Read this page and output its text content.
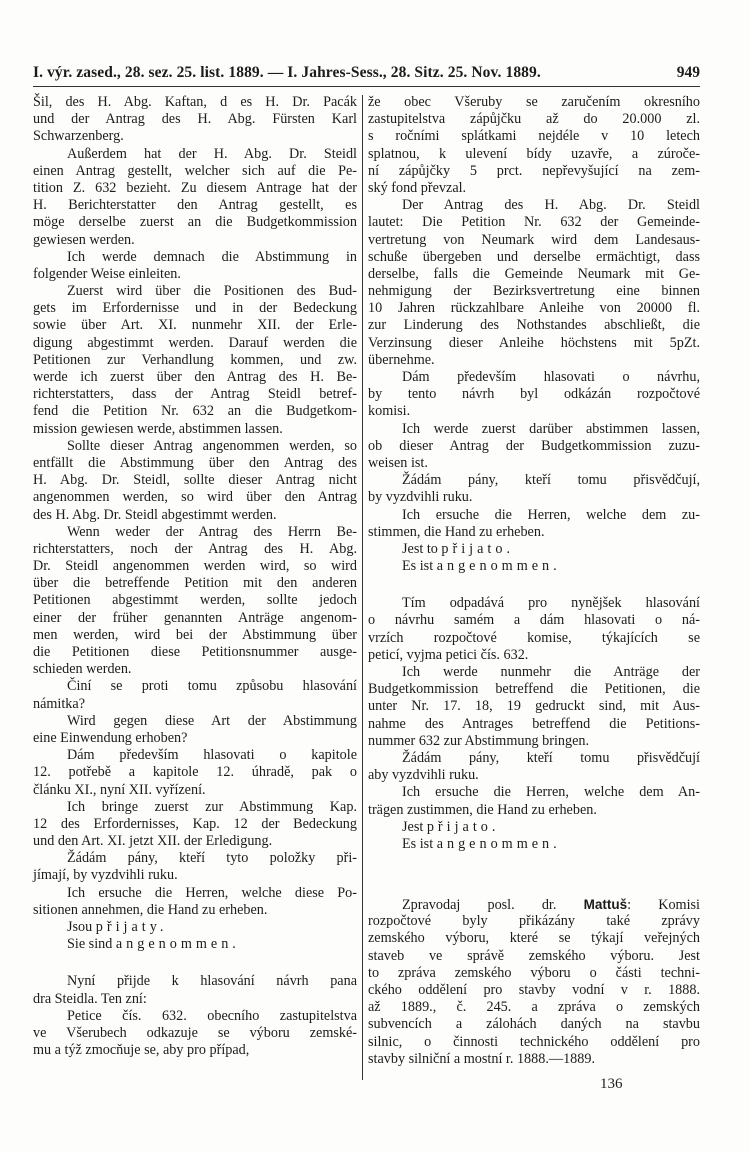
I. výr. zased., 28. sez. 25. list. 1889. — I. Jahres-Sess., 28. Sitz. 25. Nov. 1889.	949
Šil, des H. Abg. Kaftan, d es H. Dr. Pacák
und der Antrag des H. Abg. Fürsten Karl
Schwarzenberg.
Außerdem hat der H. Abg. Dr. Steidl
einen Antrag gestellt, welcher sich auf die Pe-
tition Z. 632 bezieht. Zu diesem Antrage hat der
H. Berichterstatter den Antrag gestellt, es
möge derselbe zuerst an die Budgetkommission
gewiesen werden.
Ich werde demnach die Abstimmung in
folgender Weise einleiten.
Zuerst wird über die Positionen des Bud-
gets im Erfordernisse und in der Bedeckung
sowie über Art. XI. nunmehr XII. der Erle-
digung abgestimmt werden. Darauf werden die
Petitionen zur Verhandlung kommen, und zw.
werde ich zuerst über den Antrag des H. Be-
richterstatters, dass der Antrag Steidl betref-
fend die Petition Nr. 632 an die Budgetkom-
mission gewiesen werde, abstimmen lassen.
Sollte dieser Antrag angenommen werden, so
entfällt die Abstimmung über den Antrag des
H. Abg. Dr. Steidl, sollte dieser Antrag nicht
angenommen werden, so wird über den Antrag
des H. Abg. Dr. Steidl abgestimmt werden.
Wenn weder der Antrag des Herrn Be-
richterstatters, noch der Antrag des H. Abg.
Dr. Steidl angenommen werden wird, so wird
über die betreffende Petition mit den anderen
Petitionen abgestimmt werden, sollte jedoch
einer der früher genannten Anträge angenom-
men werden, wird bei der Abstimmung über
die Petitionen diese Petitionsnummer ausge-
schieden werden.
Činí se proti tomu způsobu hlasování
námitka?
Wird gegen diese Art der Abstimmung
eine Einwendung erhoben?
Dám především hlasovati o kapitole
12. potřebě a kapitole 12. úhradě, pak o
článku XI., nyní XII. vyřízení.
Ich bringe zuerst zur Abstimmung Kap.
12 des Erfordernisses, Kap. 12 der Bedeckung
und den Art. XI. jetzt XII. der Erledigung.
Žádám pány, kteří tyto položky při-
jímají, by vyzdvihli ruku.
Ich ersuche die Herren, welche diese Po-
sitionen annehmen, die Hand zu erheben.
Jsou přijaty.
Sie sind angenommen.
Nyní přijde k hlasování návrh pana
dra Steidla. Ten zní:
Petice čís. 632. obecního zastupitelstva
ve Všerubech odkazuje se výboru zemské-
mu a týž zmocňuje se, aby pro případ,
že obec Všeruby se zaručením okresního
zastupitelstva zápůjčku až do 20.000 zl.
s ročními splátkami nejdéle v 10 letech
splatnou, k ulevení bídy uzavře, a zúroče-
ní zápůjčky 5 prct. nepřevyšující na zem-
ský fond převzal.
Der Antrag des H. Abg. Dr. Steidl
lautet: Die Petition Nr. 632 der Gemeinde-
vertretung von Neumark wird dem Landesaus-
schuße übergeben und derselbe ermächtigt, dass
derselbe, falls die Gemeinde Neumark mit Ge-
nehmigung der Bezirksvertretung eine binnen
10 Jahren rückzahlbare Anleihe von 20000 fl.
zur Linderung des Nothstandes abschließt, die
Verzinsung dieser Anleihe höchstens mit 5pZt.
übernehme.
Dám především hlasovati o návrhu,
by tento návrh byl odkázán rozpočtové
komisi.
Ich werde zuerst darüber abstimmen lassen,
ob dieser Antrag der Budgetkommission zuzu-
weisen ist.
Žádám pány, kteří tomu přisvědčují,
by vyzdvihli ruku.
Ich ersuche die Herren, welche dem zu-
stimmen, die Hand zu erheben.
Jest to přijato.
Es ist angenommen.
Tím odpadává pro nynějšek hlasování
o návrhu samém a dám hlasovati o ná-
vrzích rozpočtové komise, týkajících se
peticí, vyjma petici čís. 632.
Ich werde nunmehr die Anträge der
Budgetkommission betreffend die Petitionen, die
unter Nr. 17. 18, 19 gedruckt sind, mit Aus-
nahme des Antrages betreffend die Petitions-
nummer 632 zur Abstimmung bringen.
Žádám pány, kteří tomu přisvědčují
aby vyzdvihli ruku.
Ich ersuche die Herren, welche dem An-
trägen zustimmen, die Hand zu erheben.
Jest přijato.
Es ist angenommen.
Zpravodaj posl. dr. Mattuš: Komisi
rozpočtové byly přikázány také zprávy
zemského výboru, které se týkají veřejných
staveb ve správě zemského výboru. Jest
to zpráva zemského výboru o části techni-
ckého oddělení pro stavby vodní v r. 1888.
až 1889., č. 245. a zpráva o zemských
subvencích a zálohách daných na stavbu
silnic, o činnosti technického oddělení pro
stavby silniční a mostní r. 1888.—1889.
136
